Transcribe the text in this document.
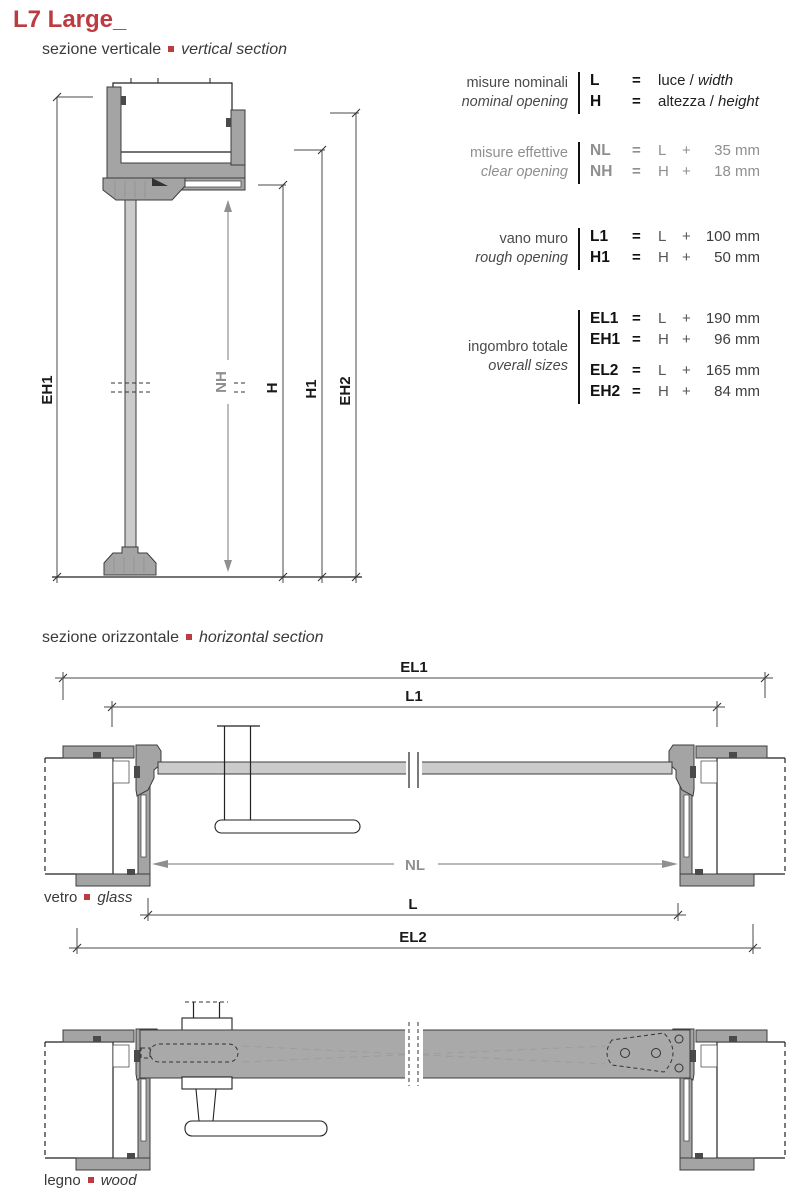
EH1	NH H H1 EH2
EL1
L1
NL
L
EL2
L7 Large_
sezione verticale vertical section
sezione orizzontale horizontal section
vetro glass
legno wood
misure nominali
nominal opening
L	=	luce / width
H	=	altezza / height
misure effettive
clear opening
NL	=	L	+	35 mm
NH	=	H +	18 mm
vano muro
rough opening
L1	=	L	+	100 mm
H1	=	H +	50 mm
ingombro totale
overall sizes
EL1 =	L	+	190 mm
EH1 =	H +	96 mm
EL2 =	L	+	165 mm
EH2 =	H +	84 mm
